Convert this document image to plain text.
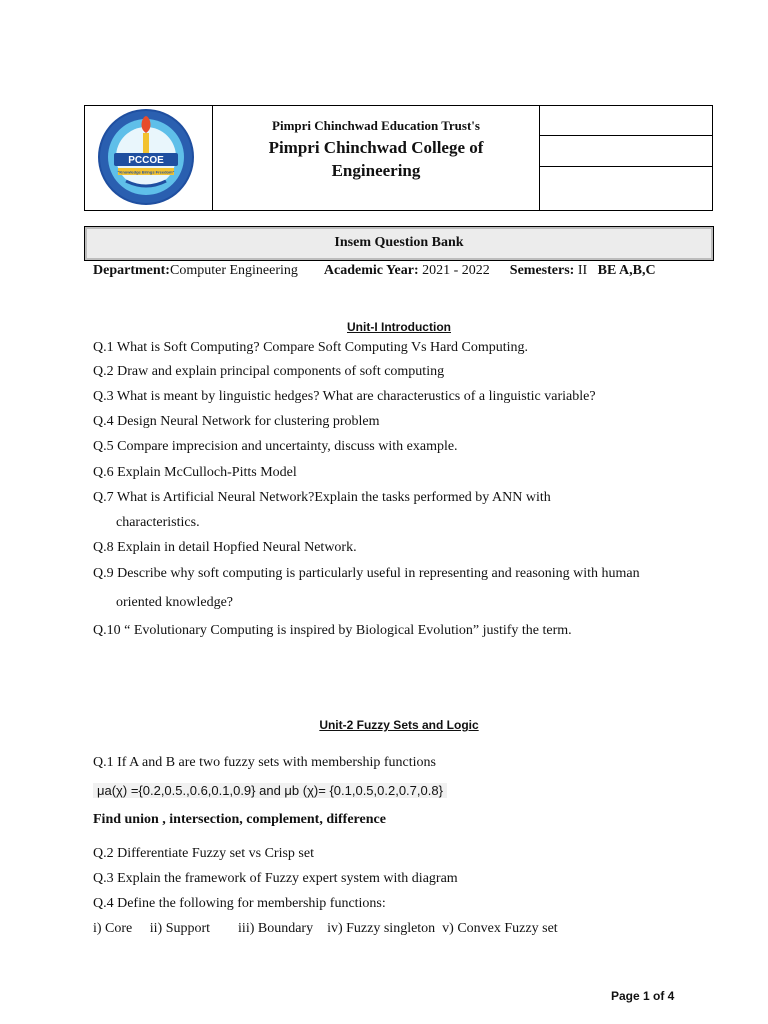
PCCOE
"Knowledge Brings Freedom"
Pimpri Chinchwad Education Trust's
Pimpri Chinchwad College of
Engineering
Insem Question Bank
Department:Computer Engineering Academic Year: 2021 - 2022 Semesters: II BE A,B,C
Unit-I Introduction
Q.1 What is Soft Computing? Compare Soft Computing Vs Hard Computing.
Q.2 Draw and explain principal components of soft computing
Q.3 What is meant by linguistic hedges? What are characterustics of a linguistic variable?
Q.4 Design Neural Network for clustering problem
Q.5 Compare imprecision and uncertainty, discuss with example.
Q.6 Explain McCulloch-Pitts Model
Q.7 What is Artificial Neural Network?Explain the tasks performed by ANN with
characteristics.
Q.8 Explain in detail Hopfied Neural Network.
Q.9 Describe why soft computing is particularly useful in representing and reasoning with human
oriented knowledge?
Q.10 “ Evolutionary Computing is inspired by Biological Evolution” justify the term.
Unit-2 Fuzzy Sets and Logic
Q.1 If A and B are two fuzzy sets with membership functions
μa(χ) ={0.2,0.5.,0.6,0.1,0.9} and μb (χ)= {0.1,0.5,0.2,0.7,0.8}
Find union , intersection, complement, difference
Q.2 Differentiate Fuzzy set vs Crisp set
Q.3 Explain the framework of Fuzzy expert system with diagram
Q.4 Define the following for membership functions:
i) Core     ii) Support        iii) Boundary    iv) Fuzzy singleton  v) Convex Fuzzy set
Page 1 of 4
